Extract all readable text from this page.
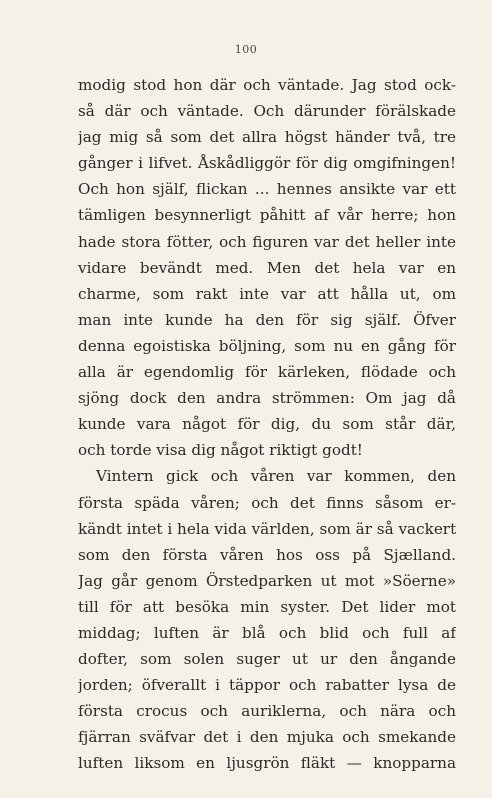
100
modig stod hon där och väntade. Jag stod ock-
så där och väntade. Och därunder förälskade
jag mig så som det allra högst händer två, tre
gånger i lifvet. Åskådliggör för dig omgifningen!
Och hon själf, flickan ... hennes ansikte var ett
tämligen besynnerligt påhitt af vår herre; hon
hade stora fötter, och figuren var det heller inte
vidare bevändt med. Men det hela var en
charme, som rakt inte var att hålla ut, om
man inte kunde ha den för sig själf. Öfver
denna egoistiska böljning, som nu en gång för
alla är egendomlig för kärleken, flödade och
sjöng dock den andra strömmen: Om jag då
kunde vara något för dig, du som står där,
och torde visa dig något riktigt godt!
Vintern gick och våren var kommen, den
första späda våren; och det finns såsom er-
kändt intet i hela vida världen, som är så vackert
som den första våren hos oss på Sjælland.
Jag går genom Örstedparken ut mot »Söerne»
till för att besöka min syster. Det lider mot
middag; luften är blå och blid och full af
dofter, som solen suger ut ur den ångande
jorden; öfverallt i täppor och rabatter lysa de
första crocus och auriklerna, och nära och
fjärran sväfvar det i den mjuka och smekande
luften liksom en ljusgrön fläkt — knopparna
